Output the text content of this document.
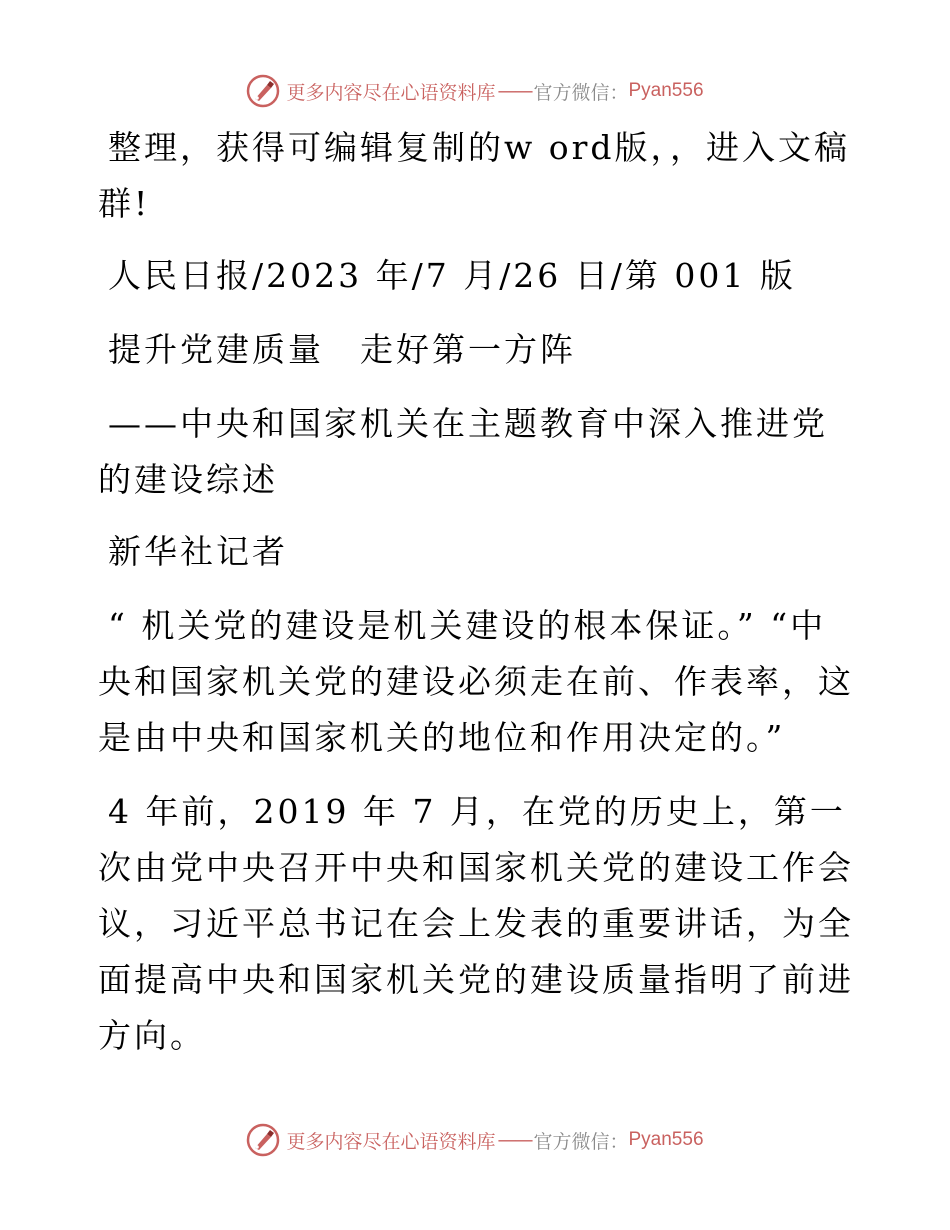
更多内容尽在心语资料库 —— 官方微信： Pyan556

整理，获得可编辑复制的w ord版，，进入文稿群!

人民日报/2023 年/7 月/26 日/第 001 版

提升党建质量　走好第一方阵

——中央和国家机关在主题教育中深入推进党的建设综述

新华社记者

“ 机关党的建设是机关建设的根本保证。” “中央和国家机关党的建设必须走在前、作表率，这是由中央和国家机关的地位和作用决定的。”

4 年前，2019 年 7 月，在党的历史上，第一次由党中央召开中央和国家机关党的建设工作会议，习近平总书记在会上发表的重要讲话，为全面提高中央和国家机关党的建设质量指明了前进方向。

更多内容尽在心语资料库 —— 官方微信： Pyan556
